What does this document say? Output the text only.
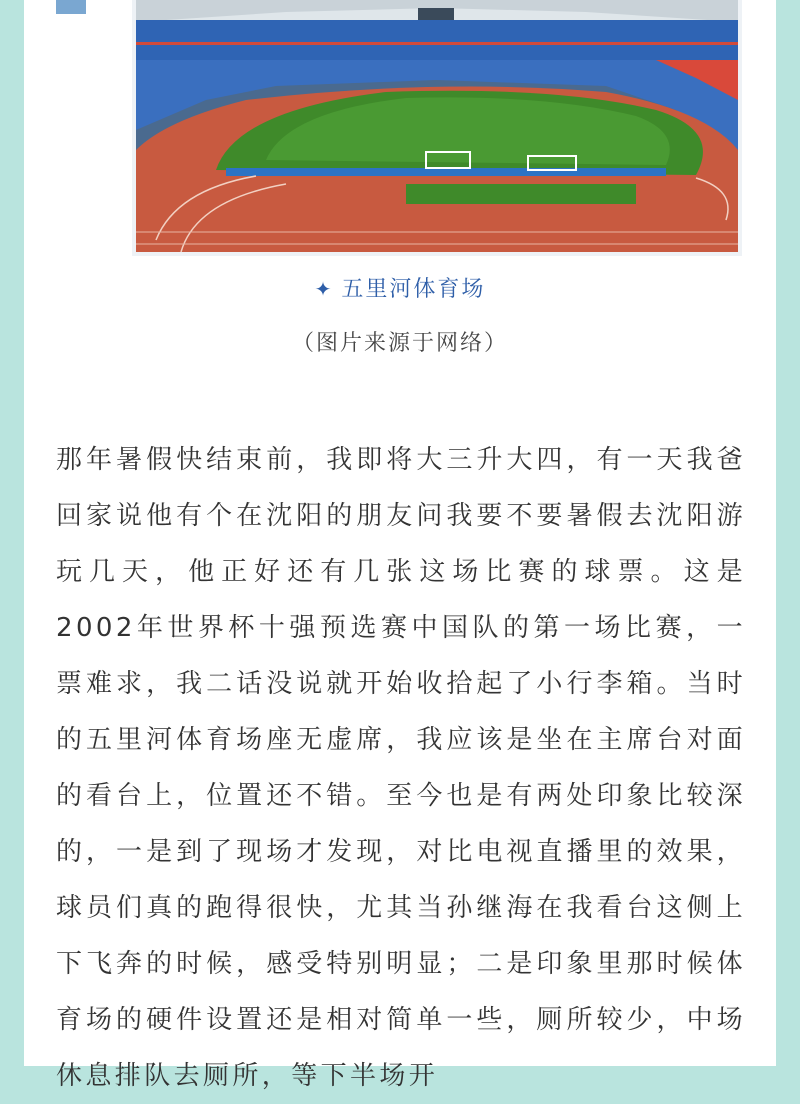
✦ 五里河体育场
（图片来源于网络）

那年暑假快结束前，我即将大三升大四，有一天我爸回家说他有个在沈阳的朋友问我要不要暑假去沈阳游玩几天，他正好还有几张这场比赛的球票。这是2002年世界杯十强预选赛中国队的第一场比赛，一票难求，我二话没说就开始收拾起了小行李箱。当时的五里河体育场座无虚席，我应该是坐在主席台对面的看台上，位置还不错。至今也是有两处印象比较深的，一是到了现场才发现，对比电视直播里的效果，球员们真的跑得很快，尤其当孙继海在我看台这侧上下飞奔的时候，感受特别明显；二是印象里那时候体育场的硬件设置还是相对简单一些，厕所较少，中场休息排队去厕所，等下半场开
